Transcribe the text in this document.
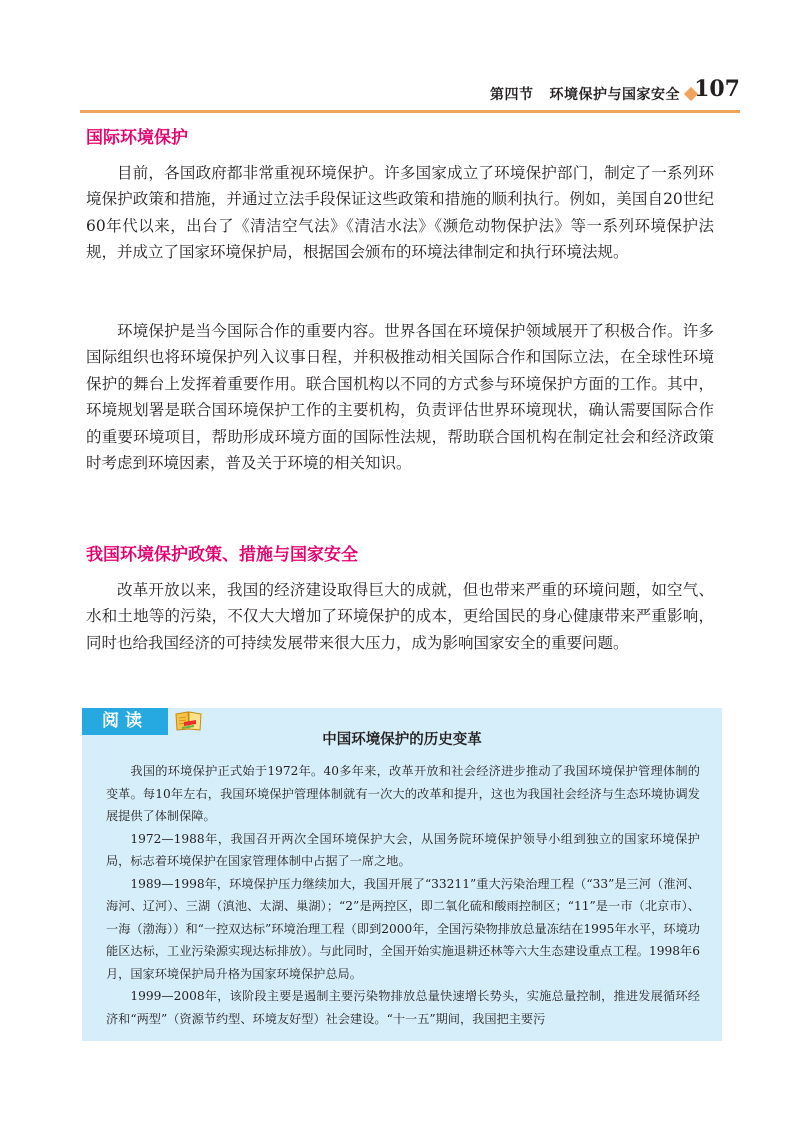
第四节 环境保护与国家安全 107
国际环境保护

目前，各国政府都非常重视环境保护。许多国家成立了环境保护部门，制定了一系列环境保护政策和措施，并通过立法手段保证这些政策和措施的顺利执行。例如，美国自20世纪60年代以来，出台了《清洁空气法》《清洁水法》《濒危动物保护法》等一系列环境保护法规，并成立了国家环境保护局，根据国会颁布的环境法律制定和执行环境法规。

环境保护是当今国际合作的重要内容。世界各国在环境保护领域展开了积极合作。许多国际组织也将环境保护列入议事日程，并积极推动相关国际合作和国际立法，在全球性环境保护的舞台上发挥着重要作用。联合国机构以不同的方式参与环境保护方面的工作。其中，环境规划署是联合国环境保护工作的主要机构，负责评估世界环境现状，确认需要国际合作的重要环境项目，帮助形成环境方面的国际性法规，帮助联合国机构在制定社会和经济政策时考虑到环境因素，普及关于环境的相关知识。

我国环境保护政策、措施与国家安全

改革开放以来，我国的经济建设取得巨大的成就，但也带来严重的环境问题，如空气、水和土地等的污染，不仅大大增加了环境保护的成本，更给国民的身心健康带来严重影响，同时也给我国经济的可持续发展带来很大压力，成为影响国家安全的重要问题。

阅读
中国环境保护的历史变革

我国的环境保护正式始于1972年。40多年来，改革开放和社会经济进步推动了我国环境保护管理体制的变革。每10年左右，我国环境保护管理体制就有一次大的改革和提升，这也为我国社会经济与生态环境协调发展提供了体制保障。

1972—1988年，我国召开两次全国环境保护大会，从国务院环境保护领导小组到独立的国家环境保护局，标志着环境保护在国家管理体制中占据了一席之地。

1989—1998年，环境保护压力继续加大，我国开展了“33211”重大污染治理工程（“33”是三河（淮河、海河、辽河）、三湖（滇池、太湖、巢湖）；“2”是两控区，即二氧化硫和酸雨控制区；“11”是一市（北京市）、一海（渤海））和“一控双达标”环境治理工程（即到2000年，全国污染物排放总量冻结在1995年水平，环境功能区达标，工业污染源实现达标排放）。与此同时，全国开始实施退耕还林等六大生态建设重点工程。1998年6月，国家环境保护局升格为国家环境保护总局。

1999—2008年，该阶段主要是遏制主要污染物排放总量快速增长势头，实施总量控制，推进发展循环经济和“两型”（资源节约型、环境友好型）社会建设。“十一五”期间，我国把主要污
